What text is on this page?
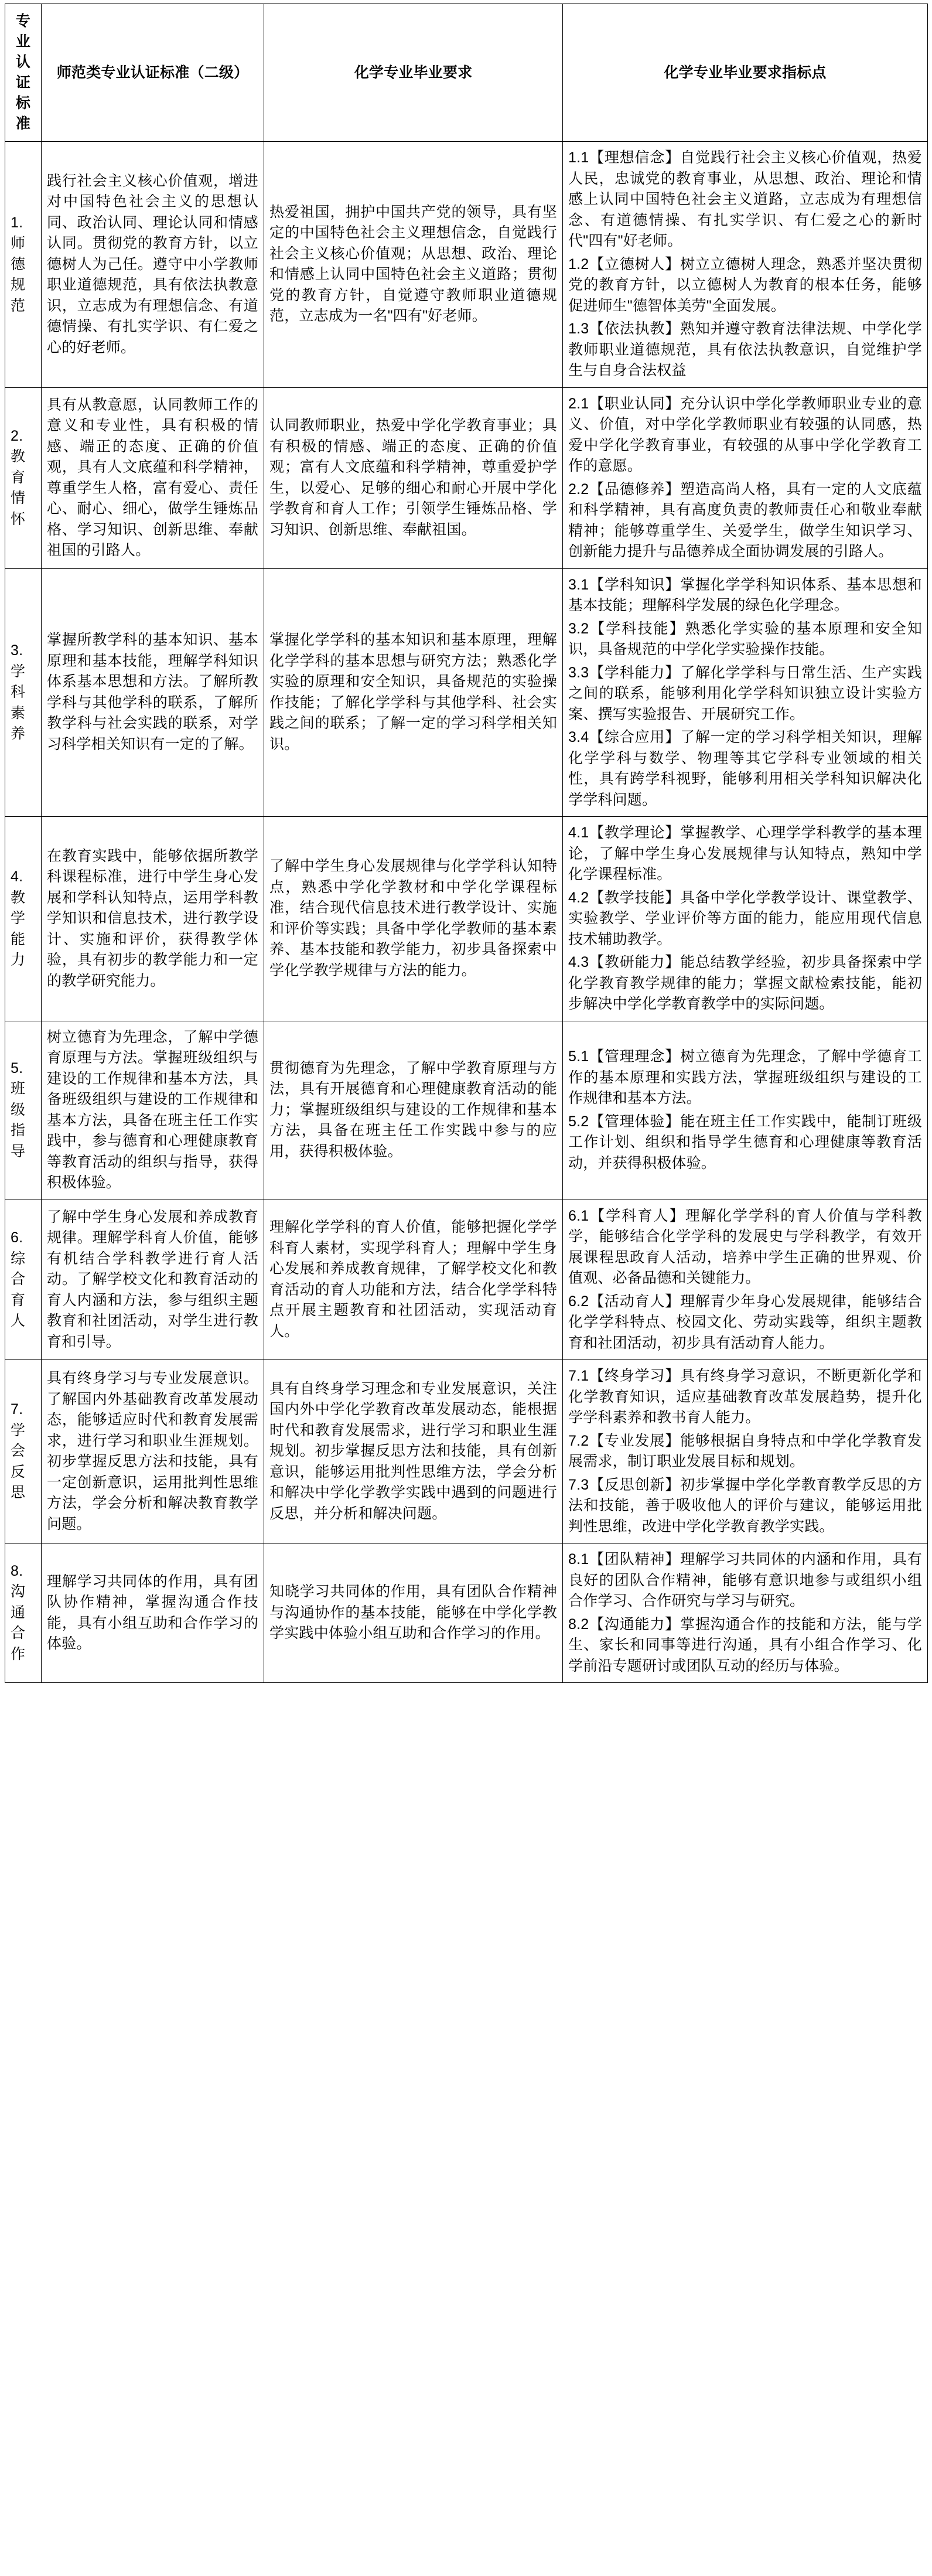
专业认证标准	师范类专业认证标准（二级）	化学专业毕业要求	化学专业毕业要求指标点
1. 师德规范	践行社会主义核心价值观，增进对中国特色社会主义的思想认同、政治认同、理论认同和情感认同。贯彻党的教育方针，以立德树人为己任。遵守中小学教师职业道德规范，具有依法执教意识，立志成为有理想信念、有道德情操、有扎实学识、有仁爱之心的好老师。	热爱祖国，拥护中国共产党的领导，具有坚定的中国特色社会主义理想信念，自觉践行社会主义核心价值观；从思想、政治、理论和情感上认同中国特色社会主义道路；贯彻党的教育方针，自觉遵守教师职业道德规范，立志成为一名"四有"好老师。	1.1【理想信念】自觉践行社会主义核心价值观，热爱人民，忠诚党的教育事业，从思想、政治、理论和情感上认同中国特色社会主义道路，立志成为有理想信念、有道德情操、有扎实学识、有仁爱之心的新时代"四有"好老师。

1.2【立德树人】树立立德树人理念，熟悉并坚决贯彻党的教育方针，以立德树人为教育的根本任务，能够促进师生"德智体美劳"全面发展。

1.3【依法执教】熟知并遵守教育法律法规、中学化学教师职业道德规范，具有依法执教意识，自觉维护学生与自身合法权益

2. 教育情怀	具有从教意愿，认同教师工作的意义和专业性，具有积极的情感、端正的态度、正确的价值观，具有人文底蕴和科学精神，尊重学生人格，富有爱心、责任心、耐心、细心，做学生锤炼品格、学习知识、创新思维、奉献祖国的引路人。	认同教师职业，热爱中学化学教育事业；具有积极的情感、端正的态度、正确的价值观；富有人文底蕴和科学精神，尊重爱护学生，以爱心、足够的细心和耐心开展中学化学教育和育人工作；引领学生锤炼品格、学习知识、创新思维、奉献祖国。	2.1【职业认同】充分认识中学化学教师职业专业的意义、价值，对中学化学教师职业有较强的认同感，热爱中学化学教育事业，有较强的从事中学化学教育工作的意愿。

2.2【品德修养】塑造高尚人格，具有一定的人文底蕴和科学精神，具有高度负责的教师责任心和敬业奉献精神；能够尊重学生、关爱学生，做学生知识学习、创新能力提升与品德养成全面协调发展的引路人。

3. 学科素养	掌握所教学科的基本知识、基本原理和基本技能，理解学科知识体系基本思想和方法。了解所教学科与其他学科的联系，了解所教学科与社会实践的联系，对学习科学相关知识有一定的了解。	掌握化学学科的基本知识和基本原理，理解化学学科的基本思想与研究方法；熟悉化学实验的原理和安全知识，具备规范的实验操作技能；了解化学学科与其他学科、社会实践之间的联系；了解一定的学习科学相关知识。	3.1【学科知识】掌握化学学科知识体系、基本思想和基本技能；理解科学发展的绿色化学理念。

3.2【学科技能】熟悉化学实验的基本原理和安全知识，具备规范的中学化学实验操作技能。

3.3【学科能力】了解化学学科与日常生活、生产实践之间的联系，能够利用化学学科知识独立设计实验方案、撰写实验报告、开展研究工作。

3.4【综合应用】了解一定的学习科学相关知识，理解化学学科与数学、物理等其它学科专业领域的相关性，具有跨学科视野，能够利用相关学科知识解决化学学科问题。

4. 教学能力	在教育实践中，能够依据所教学科课程标准，进行中学生身心发展和学科认知特点，运用学科教学知识和信息技术，进行教学设计、实施和评价，获得教学体验，具有初步的教学能力和一定的教学研究能力。	了解中学生身心发展规律与化学学科认知特点，熟悉中学化学教材和中学化学课程标准，结合现代信息技术进行教学设计、实施和评价等实践；具备中学化学教师的基本素养、基本技能和教学能力，初步具备探索中学化学教学规律与方法的能力。	4.1【教学理论】掌握教学、心理学学科教学的基本理论，了解中学生身心发展规律与认知特点，熟知中学化学课程标准。

4.2【教学技能】具备中学化学教学设计、课堂教学、实验教学、学业评价等方面的能力，能应用现代信息技术辅助教学。

4.3【教研能力】能总结教学经验，初步具备探索中学化学教育教学规律的能力；掌握文献检索技能，能初步解决中学化学教育教学中的实际问题。

5. 班级指导	树立德育为先理念，了解中学德育原理与方法。掌握班级组织与建设的工作规律和基本方法，具备班级组织与建设的工作规律和基本方法，具备在班主任工作实践中，参与德育和心理健康教育等教育活动的组织与指导，获得积极体验。	贯彻德育为先理念，了解中学教育原理与方法，具有开展德育和心理健康教育活动的能力；掌握班级组织与建设的工作规律和基本方法，具备在班主任工作实践中参与的应用，获得积极体验。	5.1【管理理念】树立德育为先理念，了解中学德育工作的基本原理和实践方法，掌握班级组织与建设的工作规律和基本方法。

5.2【管理体验】能在班主任工作实践中，能制订班级工作计划、组织和指导学生德育和心理健康等教育活动，并获得积极体验。

6. 综合育人	了解中学生身心发展和养成教育规律。理解学科育人价值，能够有机结合学科教学进行育人活动。了解学校文化和教育活动的育人内涵和方法，参与组织主题教育和社团活动，对学生进行教育和引导。	理解化学学科的育人价值，能够把握化学学科育人素材，实现学科育人；理解中学生身心发展和养成教育规律，了解学校文化和教育活动的育人功能和方法，结合化学学科特点开展主题教育和社团活动，实现活动育人。	6.1【学科育人】理解化学学科的育人价值与学科教学，能够结合化学学科的发展史与学科教学，有效开展课程思政育人活动，培养中学生正确的世界观、价值观、必备品德和关键能力。

6.2【活动育人】理解青少年身心发展规律，能够结合化学学科特点、校园文化、劳动实践等，组织主题教育和社团活动，初步具有活动育人能力。

7. 学会反思	具有终身学习与专业发展意识。了解国内外基础教育改革发展动态，能够适应时代和教育发展需求，进行学习和职业生涯规划。初步掌握反思方法和技能，具有一定创新意识，运用批判性思维方法，学会分析和解决教育教学问题。	具有自终身学习理念和专业发展意识，关注国内外中学化学教育改革发展动态，能根据时代和教育发展需求，进行学习和职业生涯规划。初步掌握反思方法和技能，具有创新意识，能够运用批判性思维方法，学会分析和解决中学化学教学实践中遇到的问题进行反思，并分析和解决问题。	7.1【终身学习】具有终身学习意识，不断更新化学和化学教育知识，适应基础教育改革发展趋势，提升化学学科素养和教书育人能力。

7.2【专业发展】能够根据自身特点和中学化学教育发展需求，制订职业发展目标和规划。

7.3【反思创新】初步掌握中学化学教育教学反思的方法和技能，善于吸收他人的评价与建议，能够运用批判性思维，改进中学化学教育教学实践。

8. 沟通合作	理解学习共同体的作用，具有团队协作精神，掌握沟通合作技能，具有小组互助和合作学习的体验。	知晓学习共同体的作用，具有团队合作精神与沟通协作的基本技能，能够在中学化学教学实践中体验小组互助和合作学习的作用。	8.1【团队精神】理解学习共同体的内涵和作用，具有良好的团队合作精神，能够有意识地参与或组织小组合作学习、合作研究与学习与研究。

8.2【沟通能力】掌握沟通合作的技能和方法，能与学生、家长和同事等进行沟通，具有小组合作学习、化学前沿专题研讨或团队互动的经历与体验。
